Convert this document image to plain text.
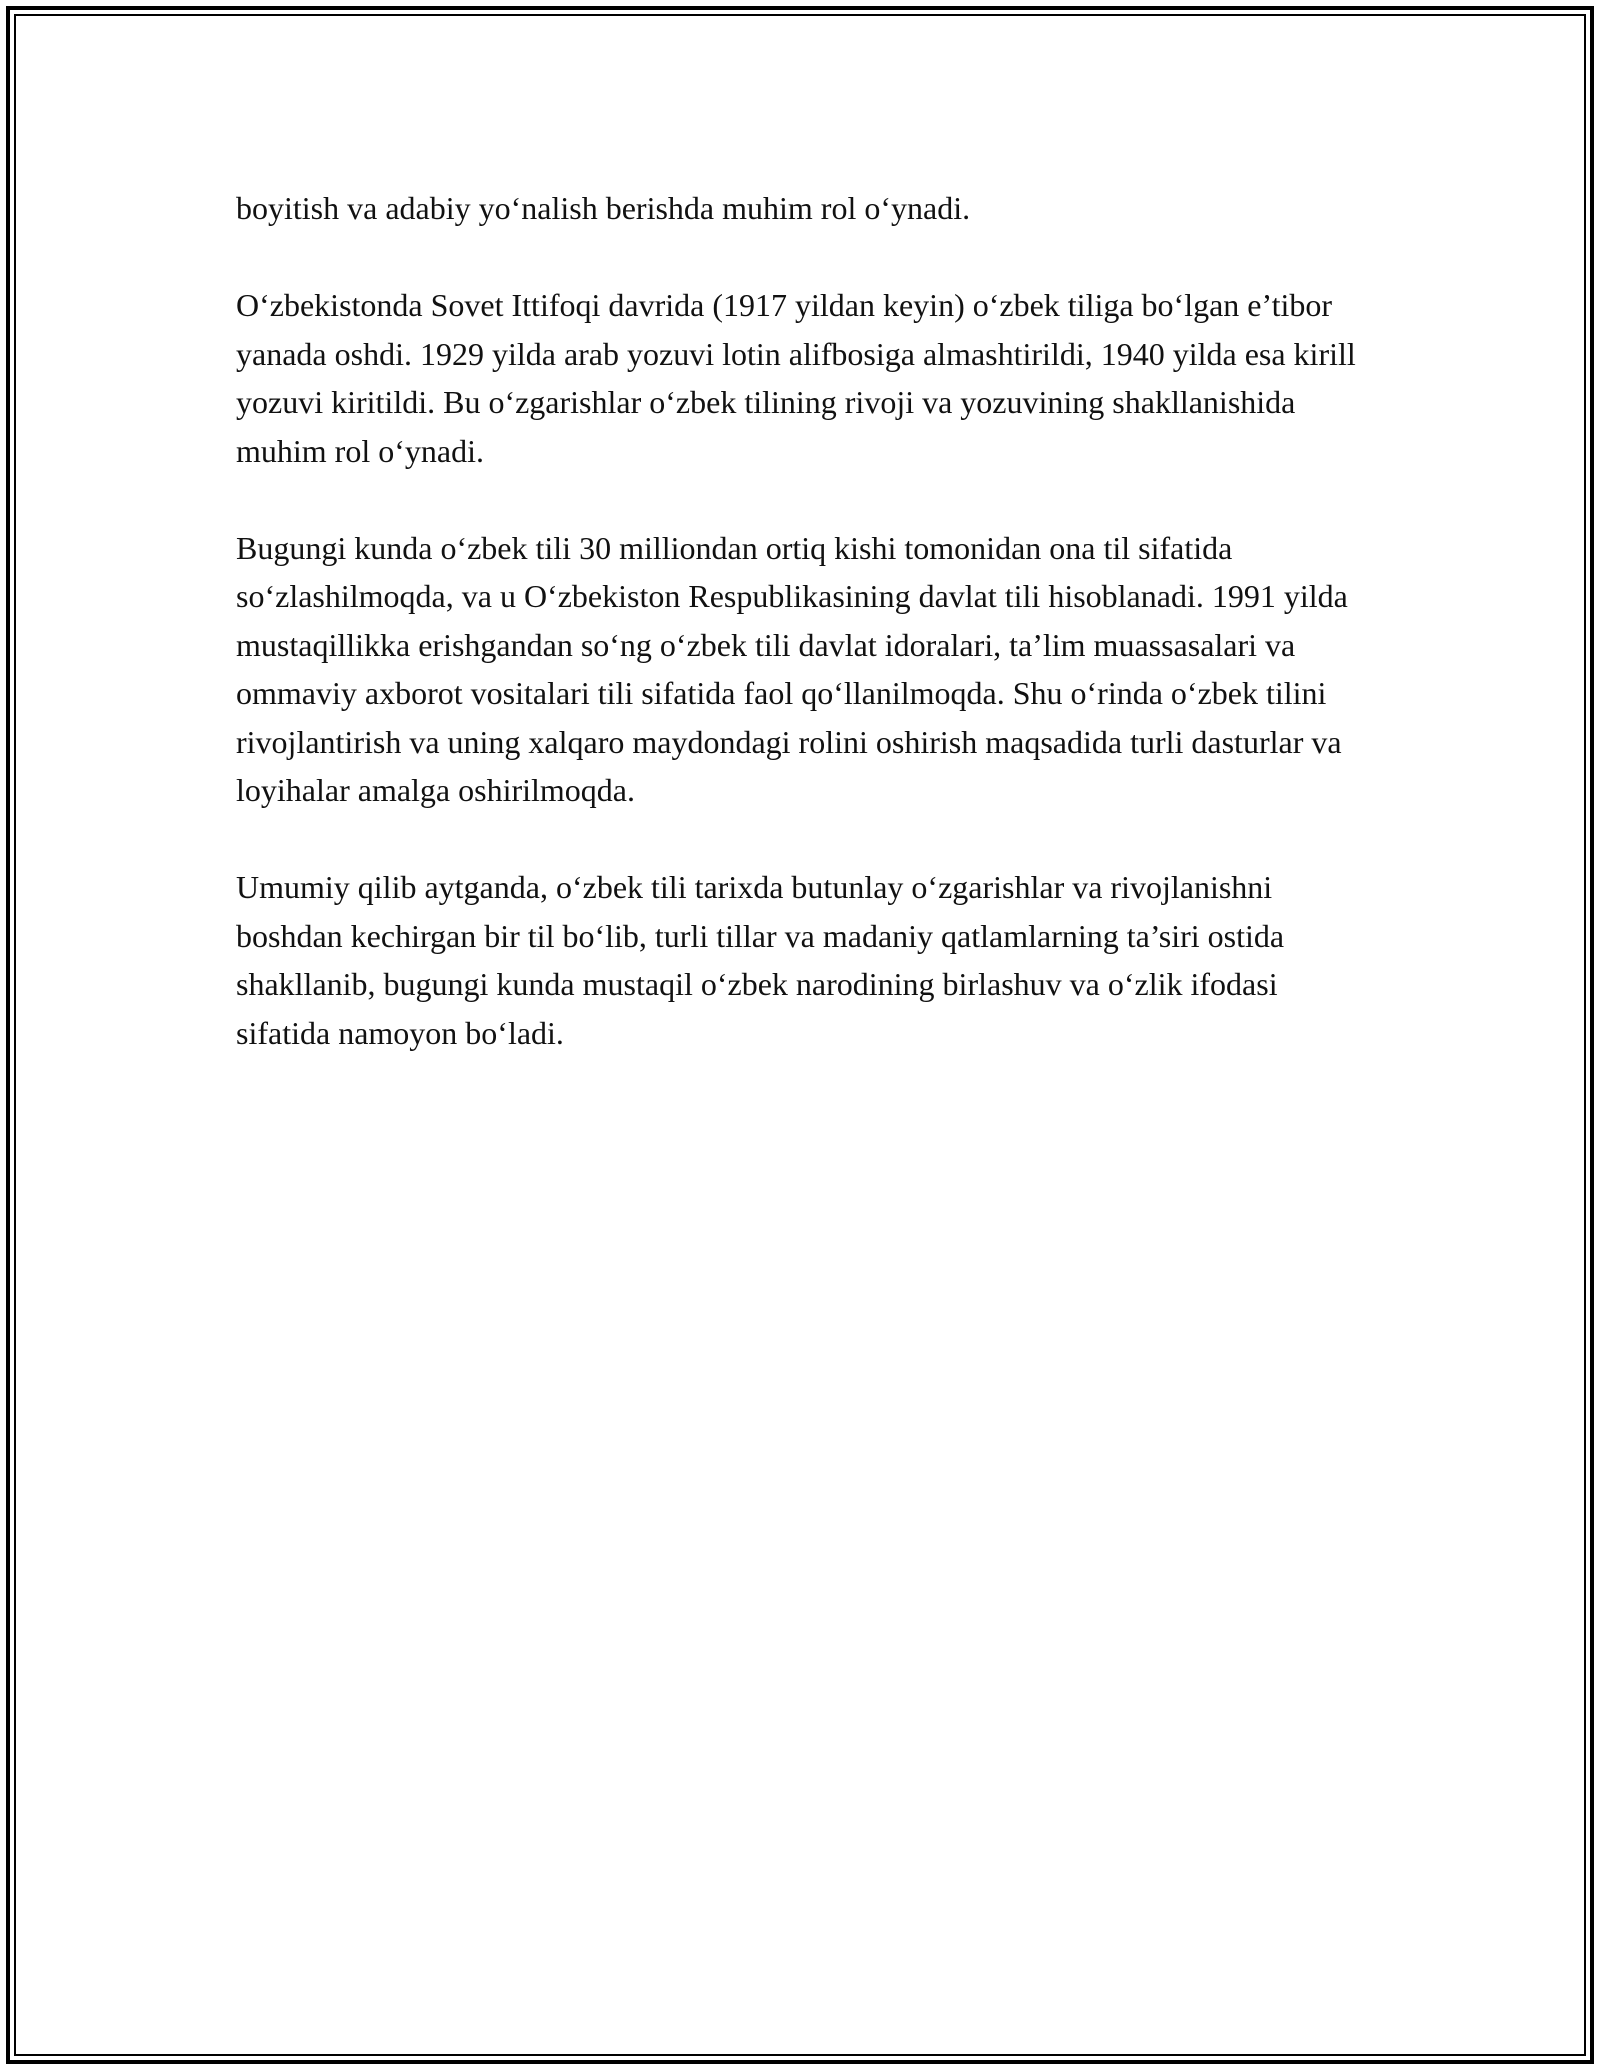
boyitish va adabiy yo‘nalish berishda muhim rol o‘ynadi.

O‘zbekistonda Sovet Ittifoqi davrida (1917 yildan keyin) o‘zbek tiliga bo‘lgan e’tibor yanada oshdi. 1929 yilda arab yozuvi lotin alifbosiga almashtirildi, 1940 yilda esa kirill yozuvi kiritildi. Bu o‘zgarishlar o‘zbek tilining rivoji va yozuvining shakllanishida muhim rol o‘ynadi.

Bugungi kunda o‘zbek tili 30 milliondan ortiq kishi tomonidan ona til sifatida so‘zlashilmoqda, va u O‘zbekiston Respublikasining davlat tili hisoblanadi. 1991 yilda mustaqillikka erishgandan so‘ng o‘zbek tili davlat idoralari, ta’lim muassasalari va ommaviy axborot vositalari tili sifatida faol qo‘llanilmoqda. Shu o‘rinda o‘zbek tilini rivojlantirish va uning xalqaro maydondagi rolini oshirish maqsadida turli dasturlar va loyihalar amalga oshirilmoqda.

Umumiy qilib aytganda, o‘zbek tili tarixda butunlay o‘zgarishlar va rivojlanishni boshdan kechirgan bir til bo‘lib, turli tillar va madaniy qatlamlarning ta’siri ostida shakllanib, bugungi kunda mustaqil o‘zbek narodining birlashuv va o‘zlik ifodasi sifatida namoyon bo‘ladi.
